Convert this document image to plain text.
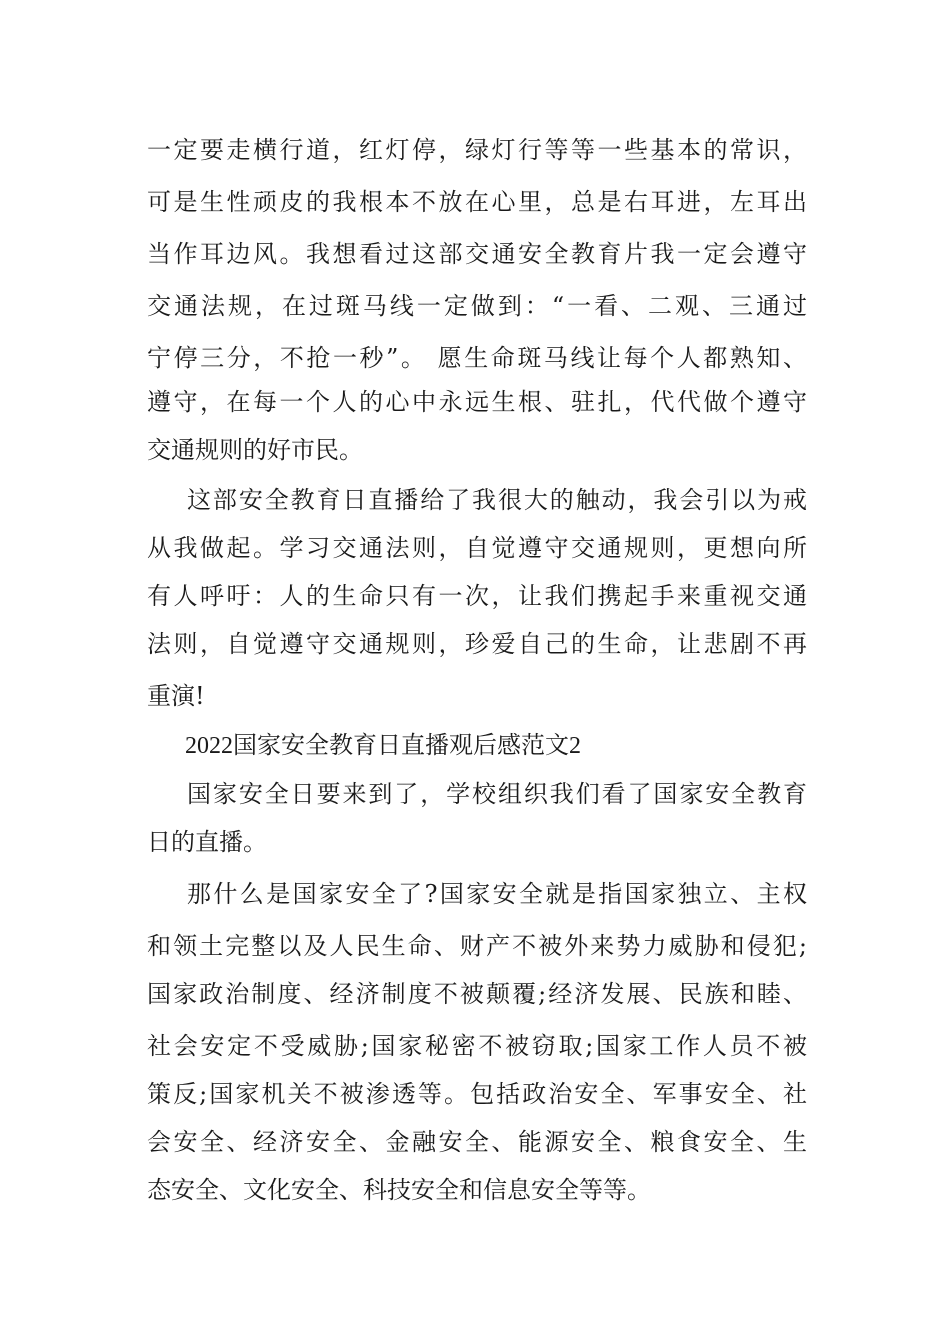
一定要走横行道，红灯停，绿灯行等等一些基本的常识，

可是生性顽皮的我根本不放在心里，总是右耳进，左耳出

当作耳边风。我想看过这部交通安全教育片我一定会遵守

交通法规，在过斑马线一定做到：“一看、二观、三通过

宁停三分，不抢一秒”。 愿生命斑马线让每个人都熟知、

遵守，在每一个人的心中永远生根、驻扎，代代做个遵守

交通规则的好市民。

这部安全教育日直播给了我很大的触动，我会引以为戒

从我做起。学习交通法则，自觉遵守交通规则，更想向所

有人呼吁：人的生命只有一次，让我们携起手来重视交通

法则，自觉遵守交通规则，珍爱自己的生命，让悲剧不再

重演!

2022国家安全教育日直播观后感范文2

国家安全日要来到了，学校组织我们看了国家安全教育

日的直播。

那什么是国家安全了?国家安全就是指国家独立、主权

和领土完整以及人民生命、财产不被外来势力威胁和侵犯;

国家政治制度、经济制度不被颠覆;经济发展、民族和睦、

社会安定不受威胁;国家秘密不被窃取;国家工作人员不被

策反;国家机关不被渗透等。包括政治安全、军事安全、社

会安全、经济安全、金融安全、能源安全、粮食安全、生

态安全、文化安全、科技安全和信息安全等等。
